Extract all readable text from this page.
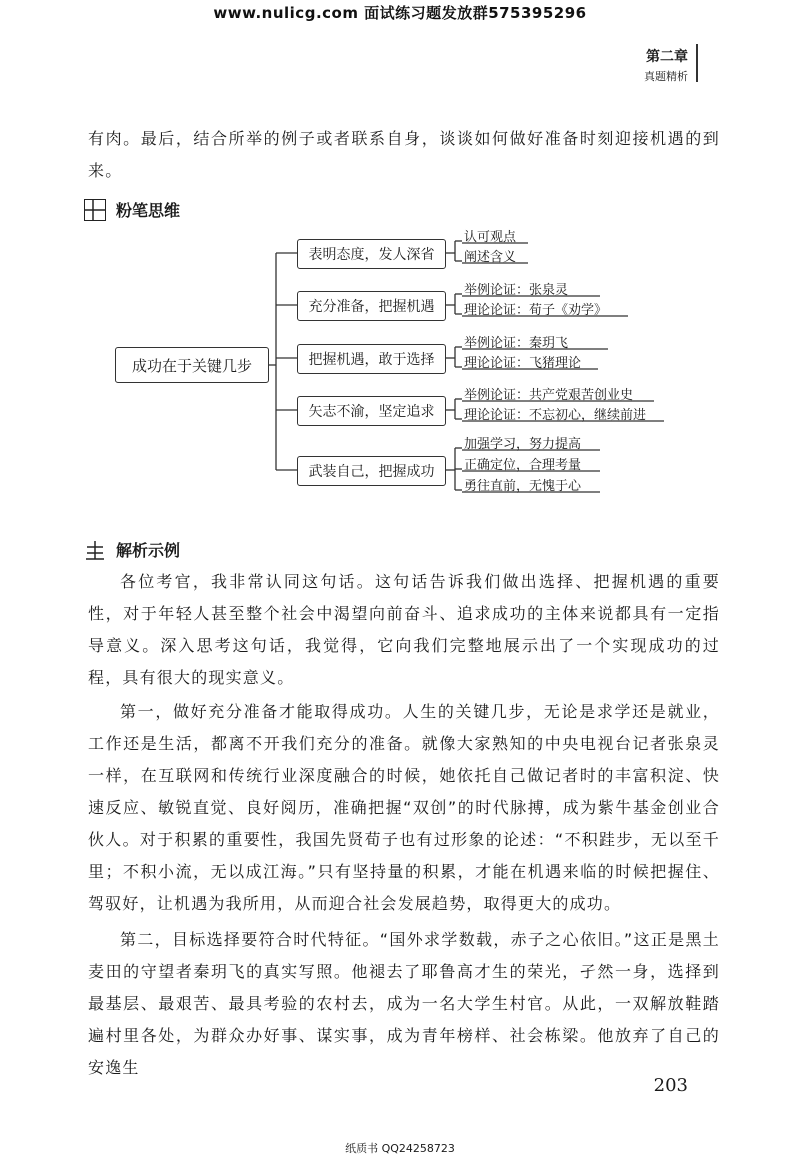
www.nulicg.com 面试练习题发放群575395296
第二章
真题精析
有肉。最后，结合所举的例子或者联系自身，谈谈如何做好准备时刻迎接机遇的到来。
粉笔思维
成功在于关键几步
表明态度，发人深省
充分准备，把握机遇
把握机遇，敢于选择
矢志不渝，坚定追求
武装自己，把握成功
认可观点
阐述含义
举例论证：张泉灵
理论论证：荀子《劝学》
举例论证：秦玥飞
理论论证：飞猪理论
举例论证：共产党艰苦创业史
理论论证：不忘初心，继续前进
加强学习，努力提高
正确定位，合理考量
勇往直前，无愧于心
解析示例
各位考官，我非常认同这句话。这句话告诉我们做出选择、把握机遇的重要性，对于年轻人甚至整个社会中渴望向前奋斗、追求成功的主体来说都具有一定指导意义。深入思考这句话，我觉得，它向我们完整地展示出了一个实现成功的过程，具有很大的现实意义。
第一，做好充分准备才能取得成功。人生的关键几步，无论是求学还是就业，工作还是生活，都离不开我们充分的准备。就像大家熟知的中央电视台记者张泉灵一样，在互联网和传统行业深度融合的时候，她依托自己做记者时的丰富积淀、快速反应、敏锐直觉、良好阅历，准确把握“双创”的时代脉搏，成为紫牛基金创业合伙人。对于积累的重要性，我国先贤荀子也有过形象的论述：“不积跬步，无以至千里；不积小流，无以成江海。”只有坚持量的积累，才能在机遇来临的时候把握住、驾驭好，让机遇为我所用，从而迎合社会发展趋势，取得更大的成功。
第二，目标选择要符合时代特征。“国外求学数载，赤子之心依旧。”这正是黑土麦田的守望者秦玥飞的真实写照。他褪去了耶鲁高才生的荣光，孑然一身，选择到最基层、最艰苦、最具考验的农村去，成为一名大学生村官。从此，一双解放鞋踏遍村里各处，为群众办好事、谋实事，成为青年榜样、社会栋梁。他放弃了自己的安逸生
203
纸质书 QQ24258723
